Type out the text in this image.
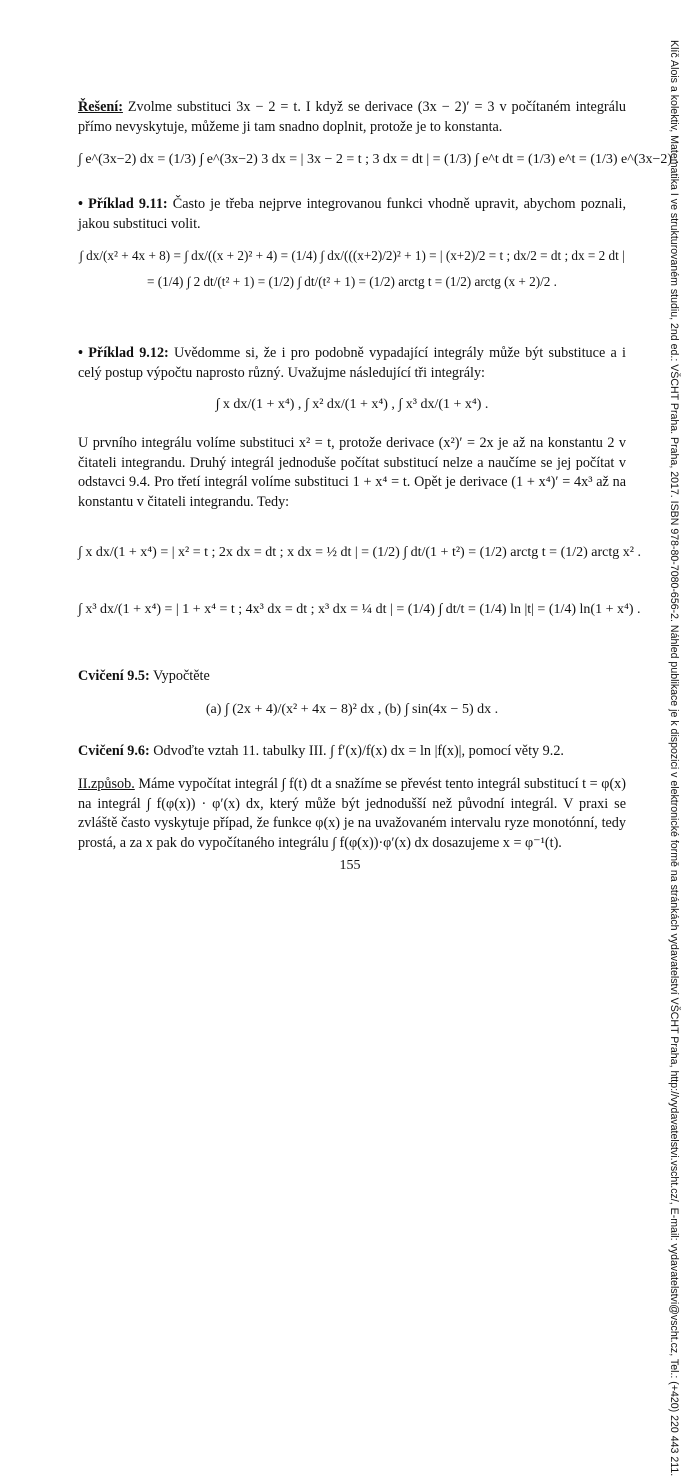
Řešení: Zvolme substituci 3x − 2 = t. I když se derivace (3x − 2)′ = 3 v počítaném integrálu přímo nevyskytuje, můžeme ji tam snadno doplnit, protože je to konstanta.
∫ e^(3x−2) dx = (1/3) ∫ e^(3x−2) 3 dx = | 3x − 2 = t ; 3 dx = dt | = (1/3) ∫ e^t dt = (1/3) e^t = (1/3) e^(3x−2) .
• Příklad 9.11: Často je třeba nejprve integrovanou funkci vhodně upravit, abychom poznali, jakou substituci volit.
∫ dx/(x² + 4x + 8) = ∫ dx/((x + 2)² + 4) = (1/4) ∫ dx/(((x+2)/2)² + 1) = | (x+2)/2 = t ; dx/2 = dt ; dx = 2 dt | = (1/4) ∫ 2 dt/(t² + 1) = (1/2) ∫ dt/(t² + 1) = (1/2) arctg t = (1/2) arctg (x + 2)/2 .
• Příklad 9.12: Uvědomme si, že i pro podobně vypadající integrály může být substituce a i celý postup výpočtu naprosto různý. Uvažujme následující tři integrály:
∫ x dx/(1 + x⁴) , ∫ x² dx/(1 + x⁴) , ∫ x³ dx/(1 + x⁴) .
U prvního integrálu volíme substituci x² = t, protože derivace (x²)′ = 2x je až na konstantu 2 v čitateli integrandu. Druhý integrál jednoduše počítat substitucí nelze a naučíme se jej počítat v odstavci 9.4. Pro třetí integrál volíme substituci 1 + x⁴ = t. Opět je derivace (1 + x⁴)′ = 4x³ až na konstantu v čitateli integrandu. Tedy:
∫ x dx/(1 + x⁴) = | x² = t ; 2x dx = dt ; x dx = ½ dt | = (1/2) ∫ dt/(1 + t²) = (1/2) arctg t = (1/2) arctg x² .
∫ x³ dx/(1 + x⁴) = | 1 + x⁴ = t ; 4x³ dx = dt ; x³ dx = ¼ dt | = (1/4) ∫ dt/t = (1/4) ln |t| = (1/4) ln(1 + x⁴) .
Cvičení 9.5: Vypočtěte
(a) ∫ (2x + 4)/(x² + 4x − 8)² dx , (b) ∫ sin(4x − 5) dx .
Cvičení 9.6: Odvoďte vztah 11. tabulky III. ∫ f′(x)/f(x) dx = ln |f(x)|, pomocí věty 9.2.
II.způsob. Máme vypočítat integrál ∫ f(t) dt a snažíme se převést tento integrál substitucí t = φ(x) na integrál ∫ f(φ(x)) · φ′(x) dx, který může být jednodušší než původní integrál. V praxi se zvláště často vyskytuje případ, že funkce φ(x) je na uvažovaném intervalu ryze monotónní, tedy prostá, a za x pak do vypočítaného integrálu ∫ f(φ(x))·φ′(x) dx dosazujeme x = φ⁻¹(t).
155	Klíč Alois a kolektiv, Matematika I ve strukturovaném studiu, 2nd ed.: VŠCHT Praha. Praha, 2017. ISBN 978-80-7080-656-2. Náhled publikace je k dispozici v elektronické formě na stránkách vydavatelství VŠCHT Praha, http://vydavatelstvi.vscht.cz/, E-mail: vydavatelstvi@vscht.cz, Tel.: (+420) 220 443 211.
